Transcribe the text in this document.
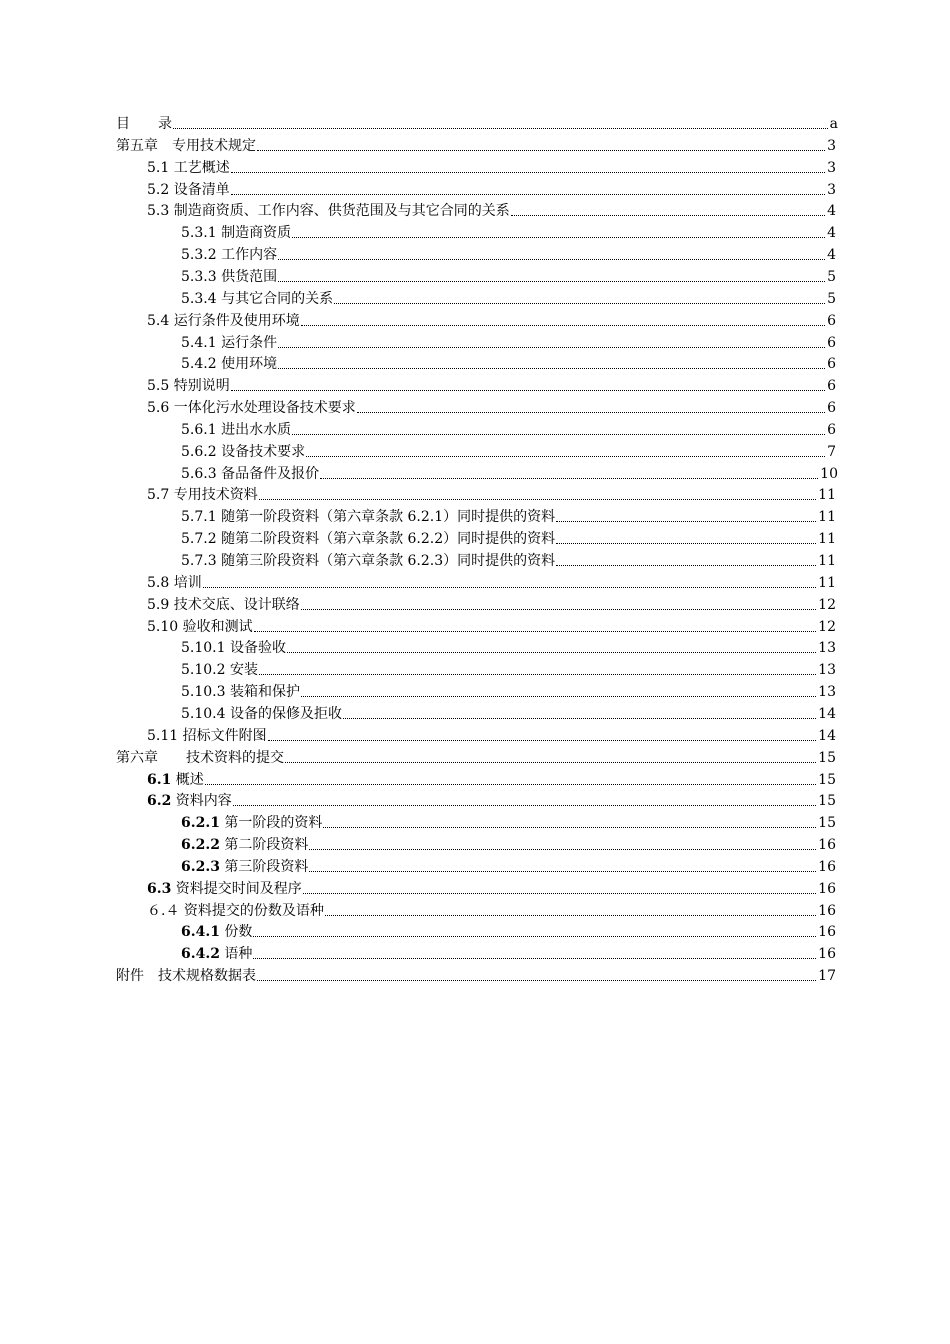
目　　录	a
第五章　专用技术规定	3
5.1 工艺概述	3
5.2 设备清单	3
5.3 制造商资质、工作内容、供货范围及与其它合同的关系	4
5.3.1 制造商资质	4
5.3.2 工作内容	4
5.3.3 供货范围	5
5.3.4 与其它合同的关系	5
5.4 运行条件及使用环境	6
5.4.1 运行条件	6
5.4.2 使用环境	6
5.5 特别说明	6
5.6 一体化污水处理设备技术要求	6
5.6.1 进出水水质	6
5.6.2 设备技术要求	7
5.6.3 备品备件及报价	10
5.7 专用技术资料	11
5.7.1 随第一阶段资料（第六章条款 6.2.1）同时提供的资料	11
5.7.2 随第二阶段资料（第六章条款 6.2.2）同时提供的资料	11
5.7.3 随第三阶段资料（第六章条款 6.2.3）同时提供的资料	11
5.8 培训	11
5.9 技术交底、设计联络	12
5.10 验收和测试	12
5.10.1 设备验收	13
5.10.2 安装	13
5.10.3 装箱和保护	13
5.10.4 设备的保修及拒收	14
5.11 招标文件附图	14
第六章　　技术资料的提交	15
6.1 概述	15
6.2 资料内容	15
6.2.1 第一阶段的资料	15
6.2.2 第二阶段资料	16
6.2.3 第三阶段资料	16
6.3 资料提交时间及程序	16
６.４ 资料提交的份数及语种	16
6.4.1 份数	16
6.4.2 语种	16
附件　技术规格数据表	17
